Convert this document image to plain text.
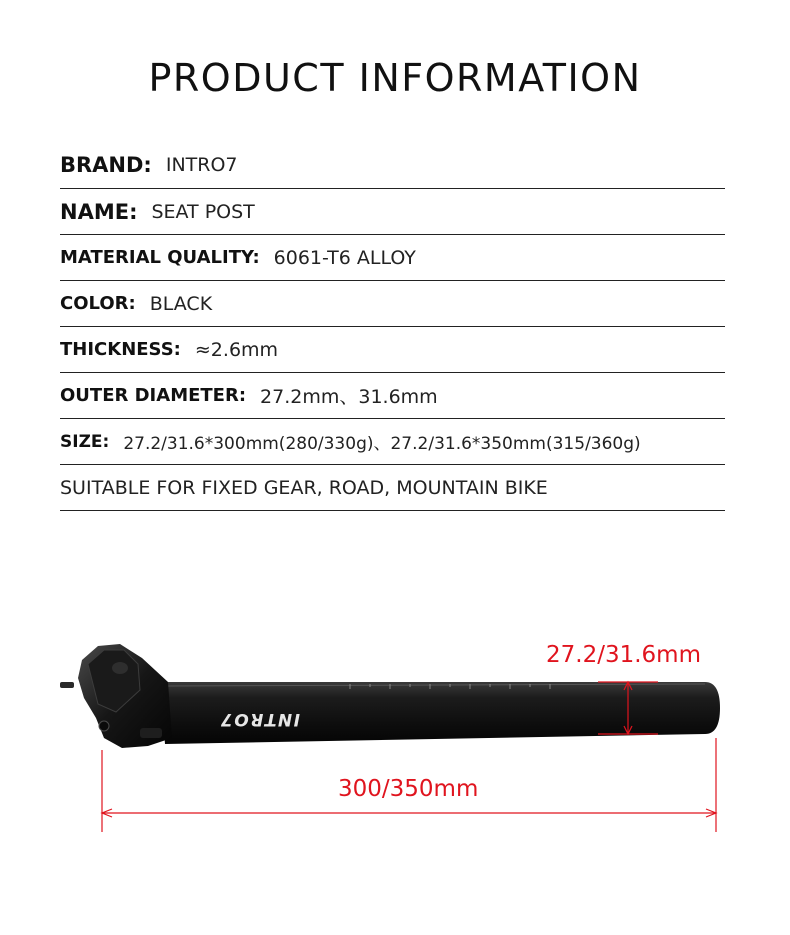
PRODUCT INFORMATION
BRAND: INTRO7
NAME: SEAT POST
MATERIAL QUALITY: 6061-T6 ALLOY
COLOR: BLACK
THICKNESS: ≈2.6mm
OUTER DIAMETER: 27.2mm、31.6mm
SIZE: 27.2/31.6*300mm(280/330g)、27.2/31.6*350mm(315/360g)
SUITABLE FOR FIXED GEAR, ROAD, MOUNTAIN BIKE
INTRO7
27.2/31.6mm
300/350mm
